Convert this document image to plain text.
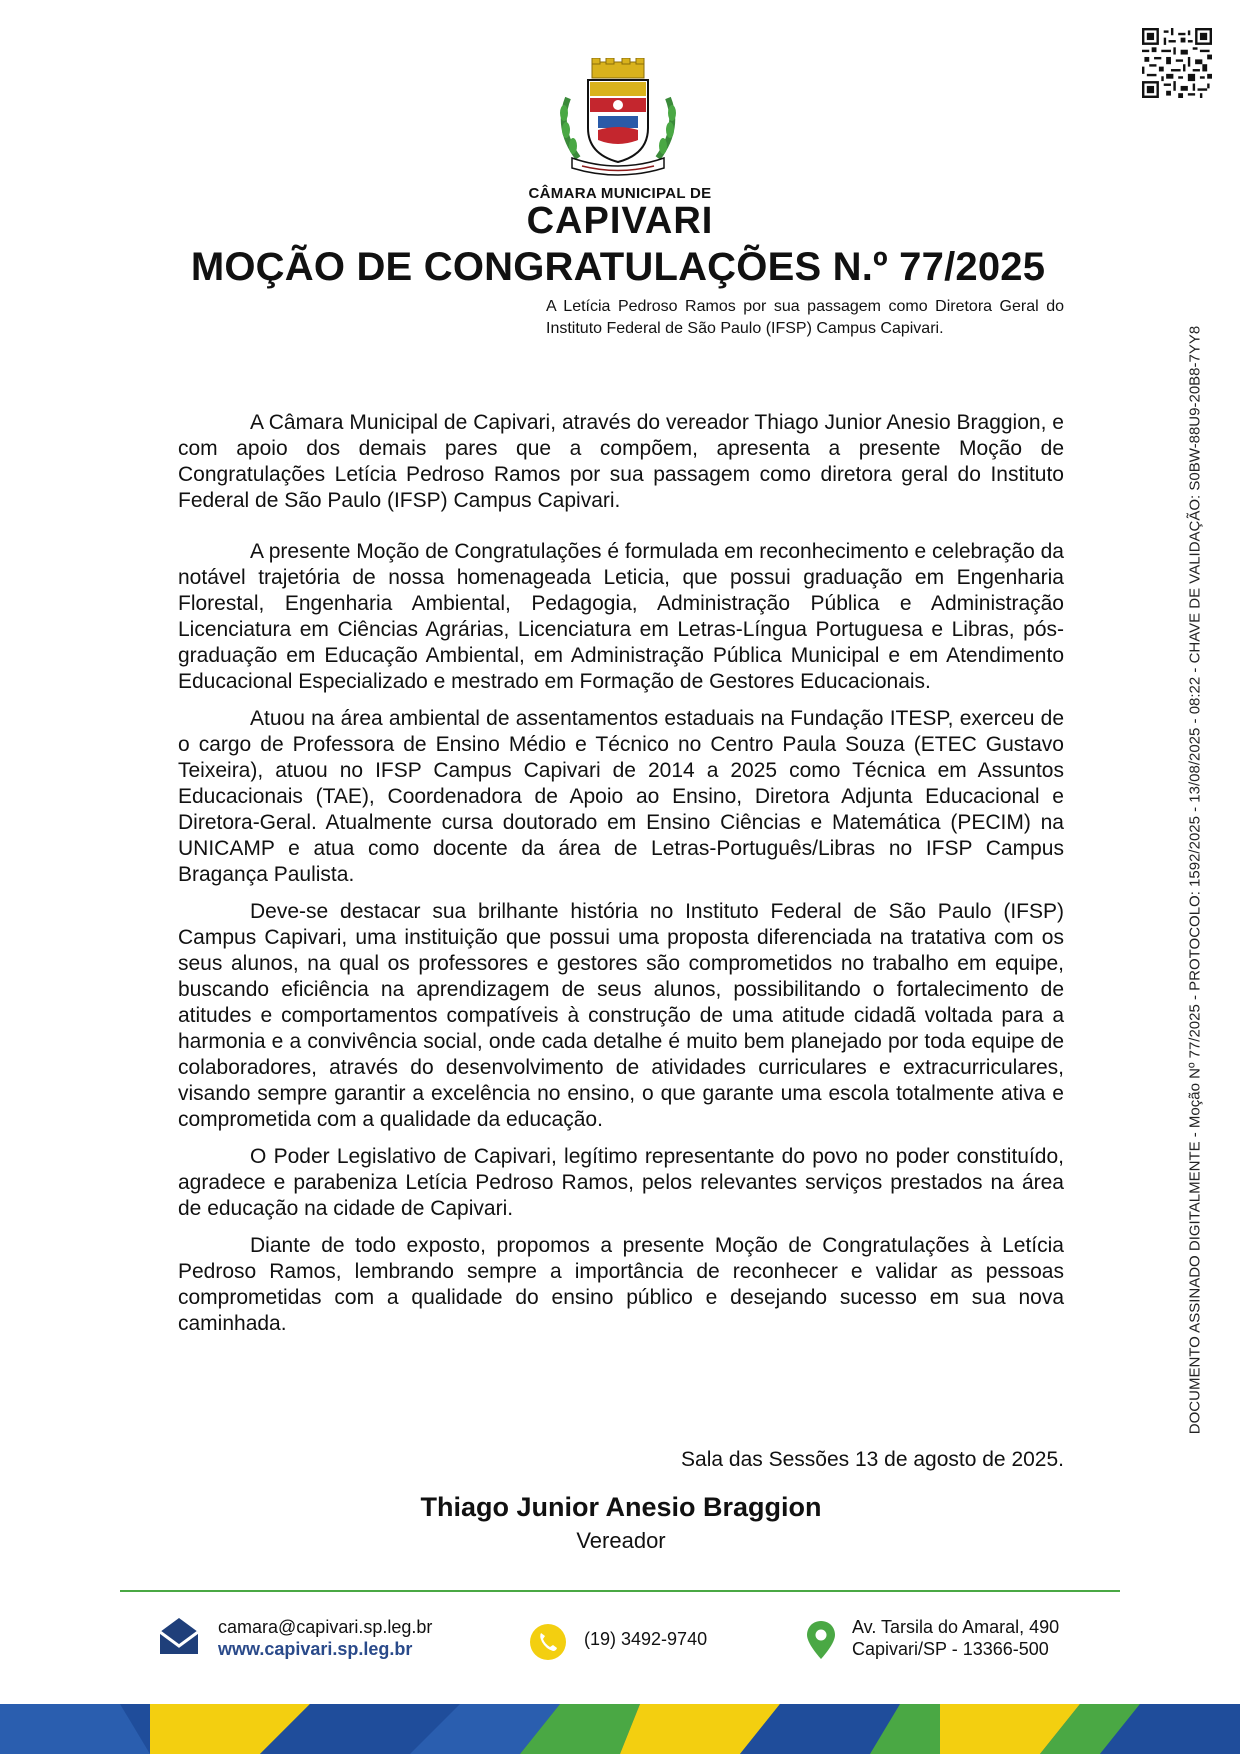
DOCUMENTO ASSINADO DIGITALMENTE - Moção Nº 77/2025 - PROTOCOLO: 1592/2025 - 13/08/2025 - 08:22 - CHAVE DE VALIDAÇÃO: S0BW-88U9-20B8-7YY8
CÂMARA MUNICIPAL DE
CAPIVARI
MOÇÃO DE CONGRATULAÇÕES N.º 77/2025
A Letícia Pedroso Ramos por sua passagem como Diretora Geral do Instituto Federal de São Paulo (IFSP) Campus Capivari.

A Câmara Municipal de Capivari, através do vereador Thiago Junior Anesio Braggion, e com apoio dos demais pares que a compõem, apresenta a presente Moção de Congratulações Letícia Pedroso Ramos por sua passagem como diretora geral do Instituto Federal de São Paulo (IFSP) Campus Capivari.

A presente Moção de Congratulações é formulada em reconhecimento e celebração da notável trajetória de nossa homenageada Leticia, que possui graduação em Engenharia Florestal, Engenharia Ambiental, Pedagogia, Administração Pública e Administração Licenciatura em Ciências Agrárias, Licenciatura em Letras-Língua Portuguesa e Libras, pós-graduação em Educação Ambiental, em Administração Pública Municipal e em Atendimento Educacional Especializado e mestrado em Formação de Gestores Educacionais.

Atuou na área ambiental de assentamentos estaduais na Fundação ITESP, exerceu de o cargo de Professora de Ensino Médio e Técnico no Centro Paula Souza (ETEC Gustavo Teixeira), atuou no IFSP Campus Capivari de 2014 a 2025 como Técnica em Assuntos Educacionais (TAE), Coordenadora de Apoio ao Ensino, Diretora Adjunta Educacional e Diretora-Geral. Atualmente cursa doutorado em Ensino Ciências e Matemática (PECIM) na UNICAMP e atua como docente da área de Letras-Português/Libras no IFSP Campus Bragança Paulista.

Deve-se destacar sua brilhante história no Instituto Federal de São Paulo (IFSP) Campus Capivari, uma instituição que possui uma proposta diferenciada na tratativa com os seus alunos, na qual os professores e gestores são comprometidos no trabalho em equipe, buscando eficiência na aprendizagem de seus alunos, possibilitando o fortalecimento de atitudes e comportamentos compatíveis à construção de uma atitude cidadã voltada para a harmonia e a convivência social, onde cada detalhe é muito bem planejado por toda equipe de colaboradores, através do desenvolvimento de atividades curriculares e extracurriculares, visando sempre garantir a excelência no ensino, o que garante uma escola totalmente ativa e comprometida com a qualidade da educação.

O Poder Legislativo de Capivari, legítimo representante do povo no poder constituído, agradece e parabeniza Letícia Pedroso Ramos, pelos relevantes serviços prestados na área de educação na cidade de Capivari.

Diante de todo exposto, propomos a presente Moção de Congratulações à Letícia Pedroso Ramos, lembrando sempre a importância de reconhecer e validar as pessoas comprometidas com a qualidade do ensino público e desejando sucesso em sua nova caminhada.

Sala das Sessões 13 de agosto de 2025.
Thiago Junior Anesio Braggion
Vereador
camara@capivari.sp.leg.br
www.capivari.sp.leg.br	(19) 3492-9740
Av. Tarsila do Amaral, 490
Capivari/SP - 13366-500
